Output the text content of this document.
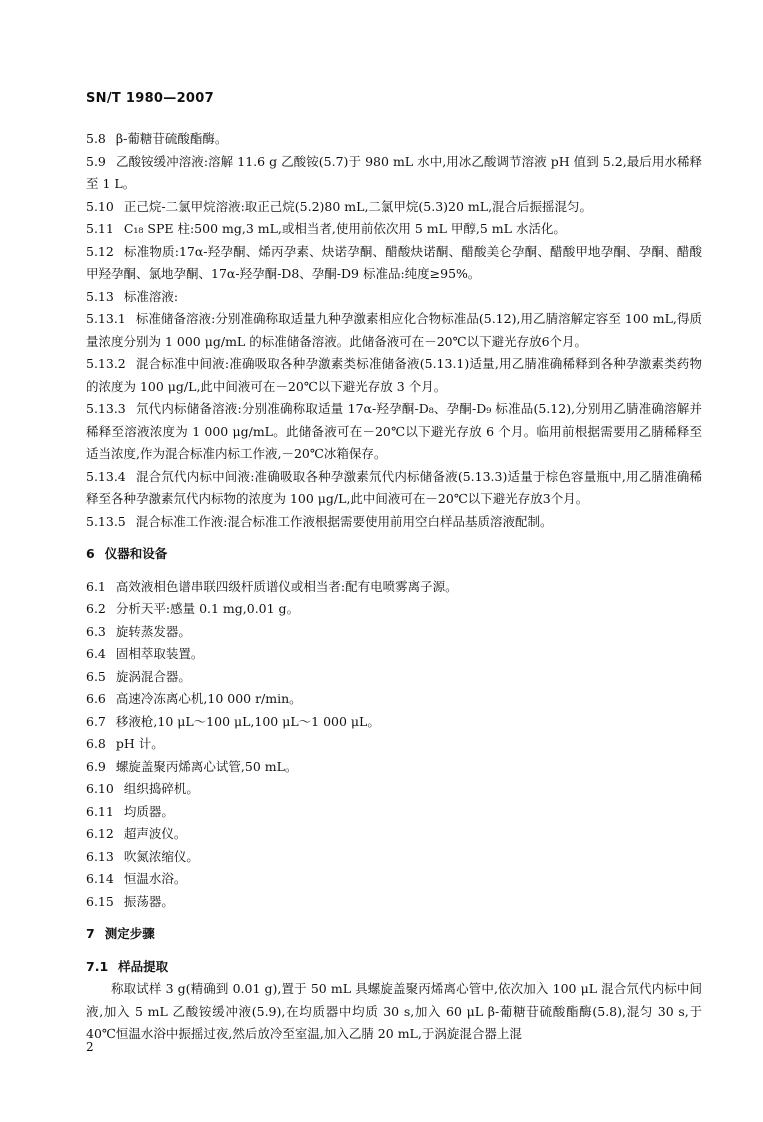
SN/T 1980—2007

5.8 β-葡糖苷硫酸酯酶。

5.9 乙酸铵缓冲溶液:溶解 11.6 g 乙酸铵(5.7)于 980 mL 水中,用冰乙酸调节溶液 pH 值到 5.2,最后用水稀释至 1 L。

5.10 正己烷-二氯甲烷溶液:取正己烷(5.2)80 mL,二氯甲烷(5.3)20 mL,混合后振摇混匀。

5.11 C₁₈ SPE 柱:500 mg,3 mL,或相当者,使用前依次用 5 mL 甲醇,5 mL 水活化。

5.12 标准物质:17α-羟孕酮、烯丙孕素、炔诺孕酮、醋酸炔诺酮、醋酸美仑孕酮、醋酸甲地孕酮、孕酮、醋酸甲羟孕酮、氯地孕酮、17α-羟孕酮-D8、孕酮-D9 标准品:纯度≥95%。

5.13 标准溶液:

5.13.1 标准储备溶液:分别准确称取适量九种孕激素相应化合物标准品(5.12),用乙腈溶解定容至 100 mL,得质量浓度分别为 1 000 μg/mL 的标准储备溶液。此储备液可在－20℃以下避光存放6个月。

5.13.2 混合标准中间液:准确吸取各种孕激素类标准储备液(5.13.1)适量,用乙腈准确稀释到各种孕激素类药物的浓度为 100 μg/L,此中间液可在－20℃以下避光存放 3 个月。

5.13.3 氘代内标储备溶液:分别准确称取适量 17α-羟孕酮-D₈、孕酮-D₉ 标准品(5.12),分别用乙腈准确溶解并稀释至溶液浓度为 1 000 μg/mL。此储备液可在－20℃以下避光存放 6 个月。临用前根据需要用乙腈稀释至适当浓度,作为混合标准内标工作液,－20℃冰箱保存。

5.13.4 混合氘代内标中间液:准确吸取各种孕激素氘代内标储备液(5.13.3)适量于棕色容量瓶中,用乙腈准确稀释至各种孕激素氘代内标物的浓度为 100 μg/L,此中间液可在－20℃以下避光存放3个月。

5.13.5 混合标准工作液:混合标准工作液根据需要使用前用空白样品基质溶液配制。

6 仪器和设备

6.1 高效液相色谱串联四级杆质谱仪或相当者:配有电喷雾离子源。

6.2 分析天平:感量 0.1 mg,0.01 g。

6.3 旋转蒸发器。

6.4 固相萃取装置。

6.5 旋涡混合器。

6.6 高速冷冻离心机,10 000 r/min。

6.7 移液枪,10 μL～100 μL,100 μL～1 000 μL。

6.8 pH 计。

6.9 螺旋盖聚丙烯离心试管,50 mL。

6.10 组织捣碎机。

6.11 均质器。

6.12 超声波仪。

6.13 吹氮浓缩仪。

6.14 恒温水浴。

6.15 振荡器。

7 测定步骤

7.1 样品提取

称取试样 3 g(精确到 0.01 g),置于 50 mL 具螺旋盖聚丙烯离心管中,依次加入 100 μL 混合氘代内标中间液,加入 5 mL 乙酸铵缓冲液(5.9),在均质器中均质 30 s,加入 60 μL β-葡糖苷硫酸酯酶(5.8),混匀 30 s,于 40℃恒温水浴中振摇过夜,然后放冷至室温,加入乙腈 20 mL,于涡旋混合器上混

2
